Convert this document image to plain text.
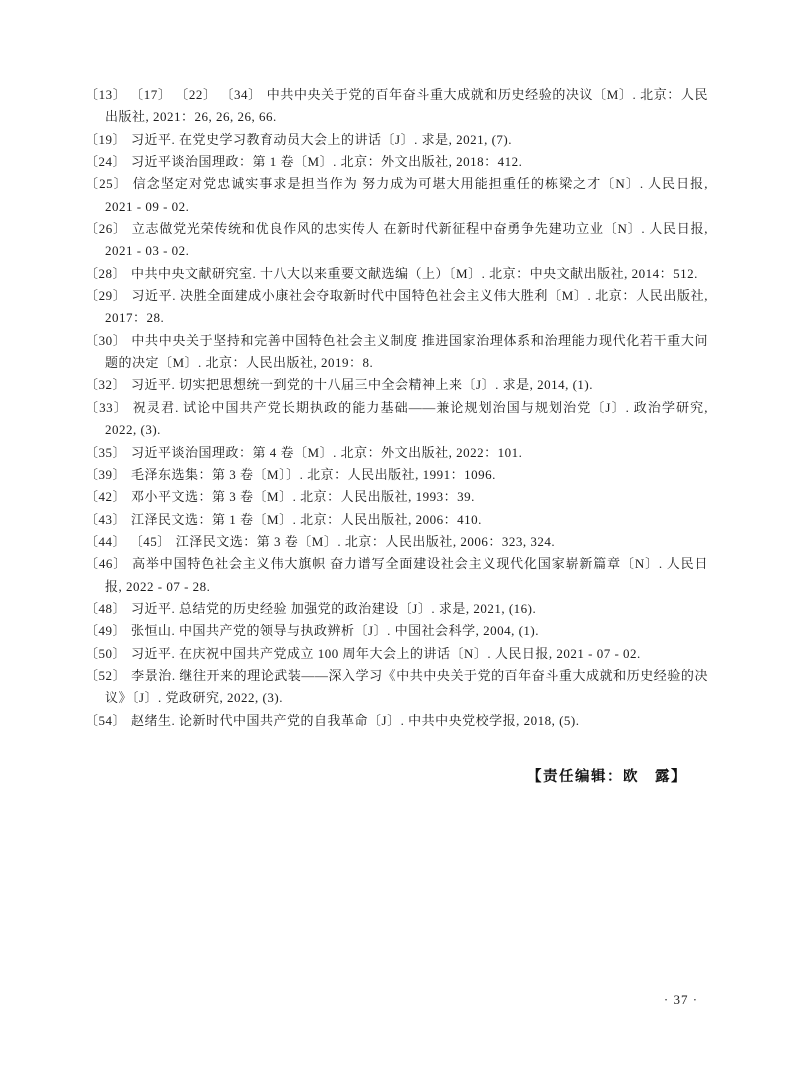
〔13〕 〔17〕 〔22〕 〔34〕 中共中央关于党的百年奋斗重大成就和历史经验的决议〔M〕. 北京：人民出版社, 2021：26, 26, 26, 66.

〔19〕 习近平. 在党史学习教育动员大会上的讲话〔J〕. 求是, 2021, (7).

〔24〕 习近平谈治国理政：第 1 卷〔M〕. 北京：外文出版社, 2018：412.

〔25〕 信念坚定对党忠诚实事求是担当作为 努力成为可堪大用能担重任的栋梁之才〔N〕. 人民日报, 2021 - 09 - 02.

〔26〕 立志做党光荣传统和优良作风的忠实传人 在新时代新征程中奋勇争先建功立业〔N〕. 人民日报, 2021 - 03 - 02.

〔28〕 中共中央文献研究室. 十八大以来重要文献选编（上）〔M〕. 北京：中央文献出版社, 2014：512.

〔29〕 习近平. 决胜全面建成小康社会夺取新时代中国特色社会主义伟大胜利〔M〕. 北京：人民出版社, 2017：28.

〔30〕 中共中央关于坚持和完善中国特色社会主义制度 推进国家治理体系和治理能力现代化若干重大问题的决定〔M〕. 北京：人民出版社, 2019：8.

〔32〕 习近平. 切实把思想统一到党的十八届三中全会精神上来〔J〕. 求是, 2014, (1).

〔33〕 祝灵君. 试论中国共产党长期执政的能力基础——兼论规划治国与规划治党〔J〕. 政治学研究, 2022, (3).

〔35〕 习近平谈治国理政：第 4 卷〔M〕. 北京：外文出版社, 2022：101.

〔39〕 毛泽东选集：第 3 卷〔M〕〕. 北京：人民出版社, 1991：1096.

〔42〕 邓小平文选：第 3 卷〔M〕. 北京：人民出版社, 1993：39.

〔43〕 江泽民文选：第 1 卷〔M〕. 北京：人民出版社, 2006：410.

〔44〕 〔45〕 江泽民文选：第 3 卷〔M〕. 北京：人民出版社, 2006：323, 324.

〔46〕 高举中国特色社会主义伟大旗帜 奋力谱写全面建设社会主义现代化国家崭新篇章〔N〕. 人民日报, 2022 - 07 - 28.

〔48〕 习近平. 总结党的历史经验 加强党的政治建设〔J〕. 求是, 2021, (16).

〔49〕 张恒山. 中国共产党的领导与执政辨析〔J〕. 中国社会科学, 2004, (1).

〔50〕 习近平. 在庆祝中国共产党成立 100 周年大会上的讲话〔N〕. 人民日报, 2021 - 07 - 02.

〔52〕 李景治. 继往开来的理论武装——深入学习《中共中央关于党的百年奋斗重大成就和历史经验的决议》〔J〕. 党政研究, 2022, (3).

〔54〕 赵绪生. 论新时代中国共产党的自我革命〔J〕. 中共中央党校学报, 2018, (5).

【责任编辑：欧　露】
· 37 ·
